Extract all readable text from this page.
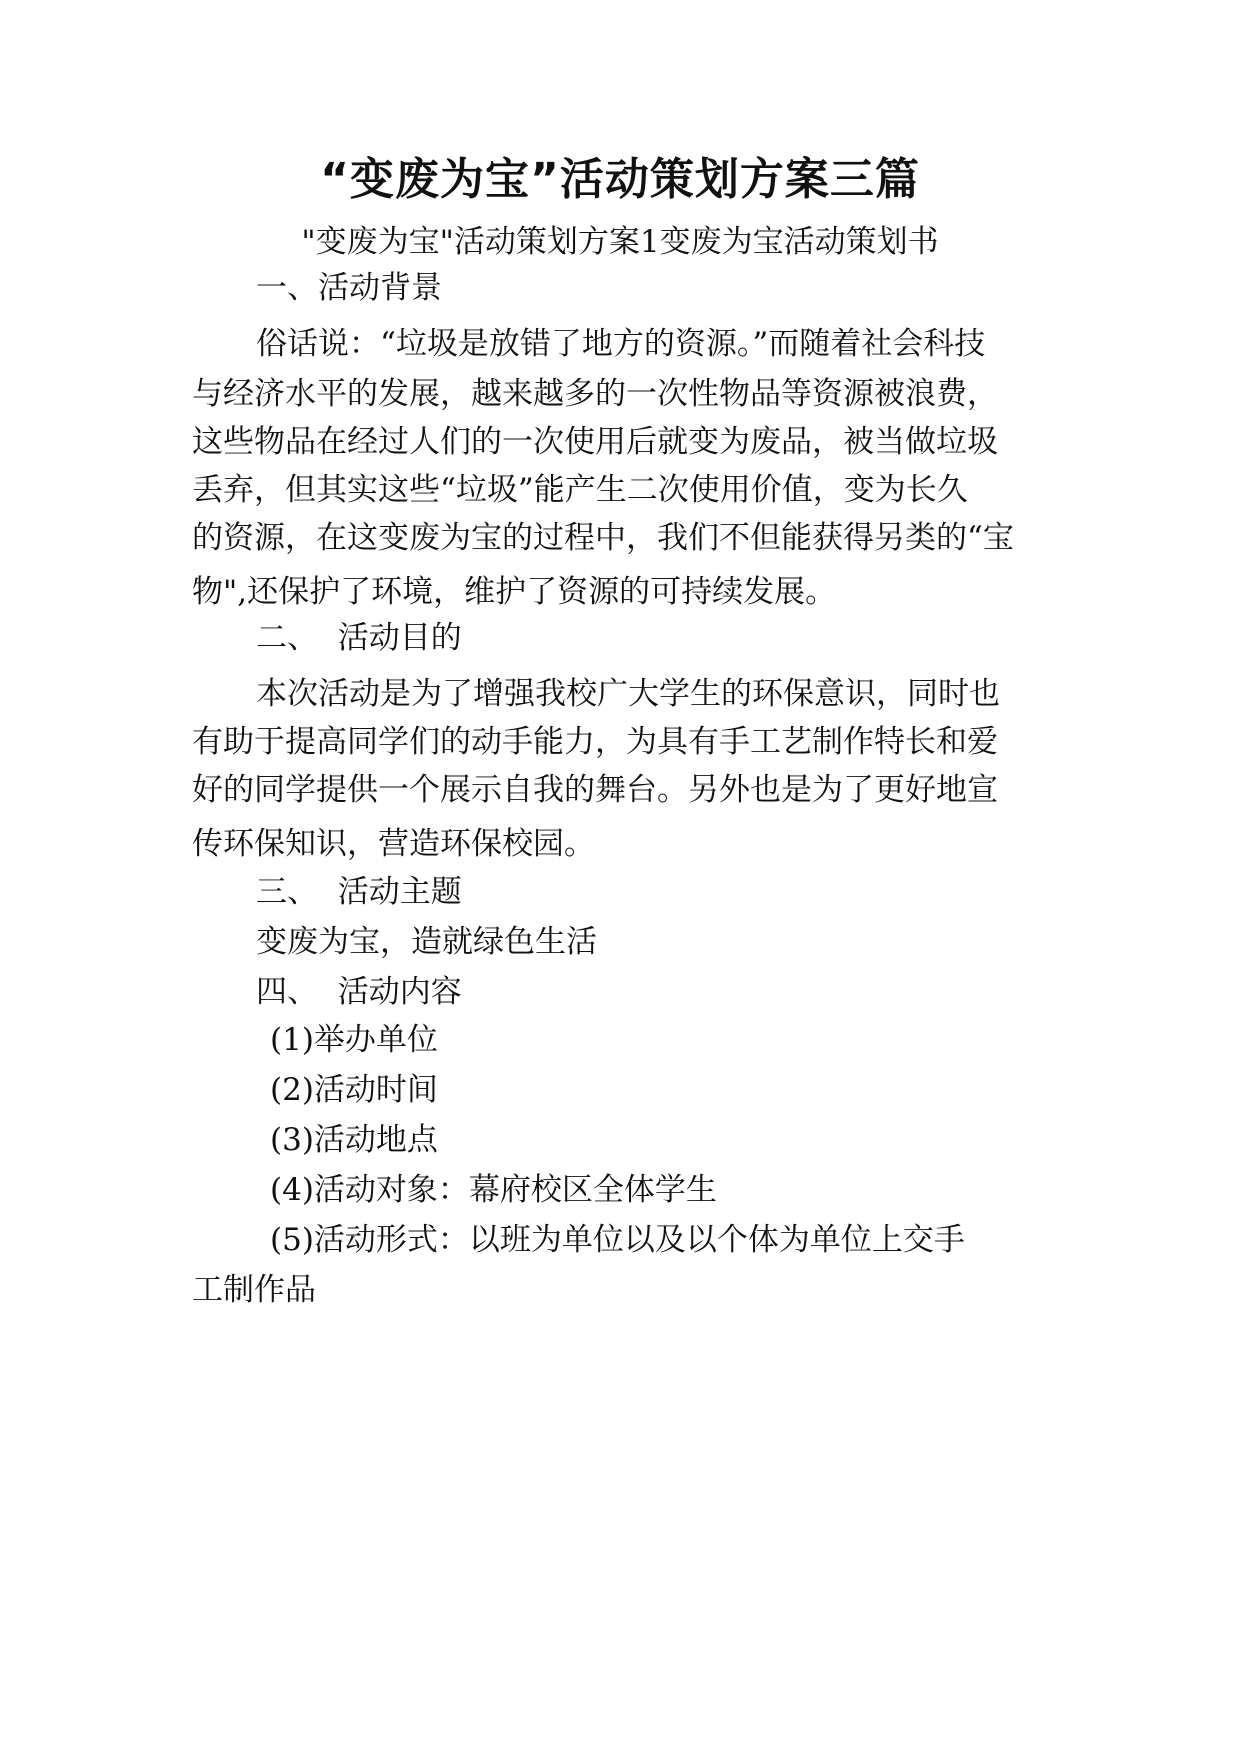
“变废为宝”活动策划方案三篇
"变废为宝"活动策划方案1变废为宝活动策划书
一、活动背景
俗话说：“垃圾是放错了地方的资源。”而随着社会科技
与经济水平的发展，越来越多的一次性物品等资源被浪费，
这些物品在经过人们的一次使用后就变为废品，被当做垃圾
丢弃，但其实这些“垃圾”能产生二次使用价值，变为长久
的资源，在这变废为宝的过程中，我们不但能获得另类的“宝
物",还保护了环境，维护了资源的可持续发展。
二、  活动目的
本次活动是为了增强我校广大学生的环保意识，同时也
有助于提高同学们的动手能力，为具有手工艺制作特长和爱
好的同学提供一个展示自我的舞台。另外也是为了更好地宣
传环保知识，营造环保校园。
三、  活动主题
变废为宝，造就绿色生活
四、  活动内容
(1)举办单位
(2)活动时间
(3)活动地点
(4)活动对象：幕府校区全体学生
(5)活动形式：以班为单位以及以个体为单位上交手
工制作品
